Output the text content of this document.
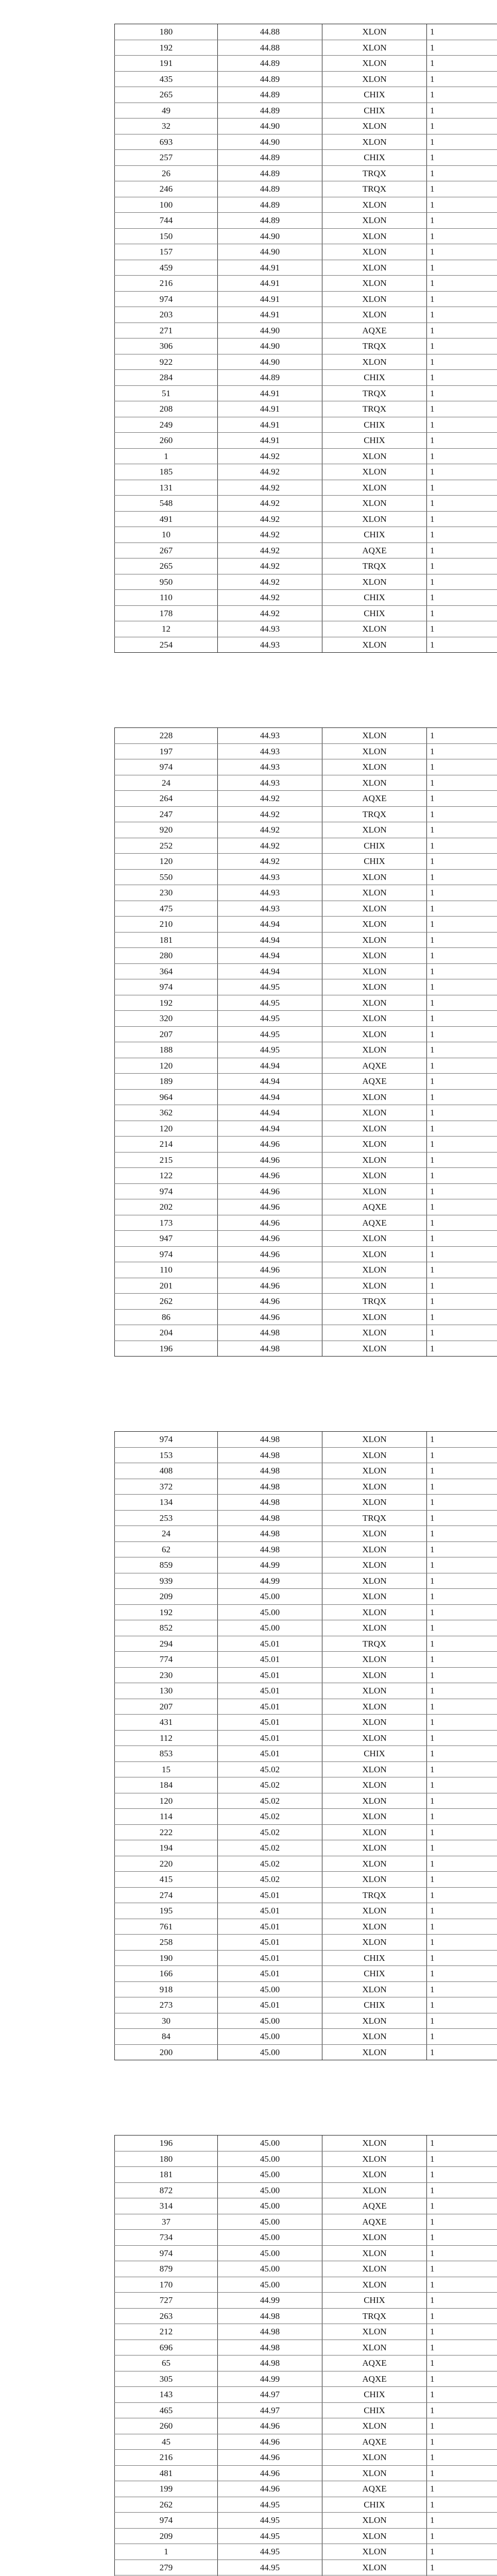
180	44.88	XLON	1
192	44.88	XLON	1
191	44.89	XLON	1
435	44.89	XLON	1
265	44.89	CHIX	1
49	44.89	CHIX	1
32	44.90	XLON	1
693	44.90	XLON	1
257	44.89	CHIX	1
26	44.89	TRQX	1
246	44.89	TRQX	1
100	44.89	XLON	1
744	44.89	XLON	1
150	44.90	XLON	1
157	44.90	XLON	1
459	44.91	XLON	1
216	44.91	XLON	1
974	44.91	XLON	1
203	44.91	XLON	1
271	44.90	AQXE	1
306	44.90	TRQX	1
922	44.90	XLON	1
284	44.89	CHIX	1
51	44.91	TRQX	1
208	44.91	TRQX	1
249	44.91	CHIX	1
260	44.91	CHIX	1
1	44.92	XLON	1
185	44.92	XLON	1
131	44.92	XLON	1
548	44.92	XLON	1
491	44.92	XLON	1
10	44.92	CHIX	1
267	44.92	AQXE	1
265	44.92	TRQX	1
950	44.92	XLON	1
110	44.92	CHIX	1
178	44.92	CHIX	1
12	44.93	XLON	1
254	44.93	XLON	1
228	44.93	XLON	1
197	44.93	XLON	1
974	44.93	XLON	1
24	44.93	XLON	1
264	44.92	AQXE	1
247	44.92	TRQX	1
920	44.92	XLON	1
252	44.92	CHIX	1
120	44.92	CHIX	1
550	44.93	XLON	1
230	44.93	XLON	1
475	44.93	XLON	1
210	44.94	XLON	1
181	44.94	XLON	1
280	44.94	XLON	1
364	44.94	XLON	1
974	44.95	XLON	1
192	44.95	XLON	1
320	44.95	XLON	1
207	44.95	XLON	1
188	44.95	XLON	1
120	44.94	AQXE	1
189	44.94	AQXE	1
964	44.94	XLON	1
362	44.94	XLON	1
120	44.94	XLON	1
214	44.96	XLON	1
215	44.96	XLON	1
122	44.96	XLON	1
974	44.96	XLON	1
202	44.96	AQXE	1
173	44.96	AQXE	1
947	44.96	XLON	1
974	44.96	XLON	1
110	44.96	XLON	1
201	44.96	XLON	1
262	44.96	TRQX	1
86	44.96	XLON	1
204	44.98	XLON	1
196	44.98	XLON	1
974	44.98	XLON	1
153	44.98	XLON	1
408	44.98	XLON	1
372	44.98	XLON	1
134	44.98	XLON	1
253	44.98	TRQX	1
24	44.98	XLON	1
62	44.98	XLON	1
859	44.99	XLON	1
939	44.99	XLON	1
209	45.00	XLON	1
192	45.00	XLON	1
852	45.00	XLON	1
294	45.01	TRQX	1
774	45.01	XLON	1
230	45.01	XLON	1
130	45.01	XLON	1
207	45.01	XLON	1
431	45.01	XLON	1
112	45.01	XLON	1
853	45.01	CHIX	1
15	45.02	XLON	1
184	45.02	XLON	1
120	45.02	XLON	1
114	45.02	XLON	1
222	45.02	XLON	1
194	45.02	XLON	1
220	45.02	XLON	1
415	45.02	XLON	1
274	45.01	TRQX	1
195	45.01	XLON	1
761	45.01	XLON	1
258	45.01	XLON	1
190	45.01	CHIX	1
166	45.01	CHIX	1
918	45.00	XLON	1
273	45.01	CHIX	1
30	45.00	XLON	1
84	45.00	XLON	1
200	45.00	XLON	1
196	45.00	XLON	1
180	45.00	XLON	1
181	45.00	XLON	1
872	45.00	XLON	1
314	45.00	AQXE	1
37	45.00	AQXE	1
734	45.00	XLON	1
974	45.00	XLON	1
879	45.00	XLON	1
170	45.00	XLON	1
727	44.99	CHIX	1
263	44.98	TRQX	1
212	44.98	XLON	1
696	44.98	XLON	1
65	44.98	AQXE	1
305	44.99	AQXE	1
143	44.97	CHIX	1
465	44.97	CHIX	1
260	44.96	XLON	1
45	44.96	AQXE	1
216	44.96	XLON	1
481	44.96	XLON	1
199	44.96	AQXE	1
262	44.95	CHIX	1
974	44.95	XLON	1
209	44.95	XLON	1
1	44.95	XLON	1
279	44.95	XLON	1
